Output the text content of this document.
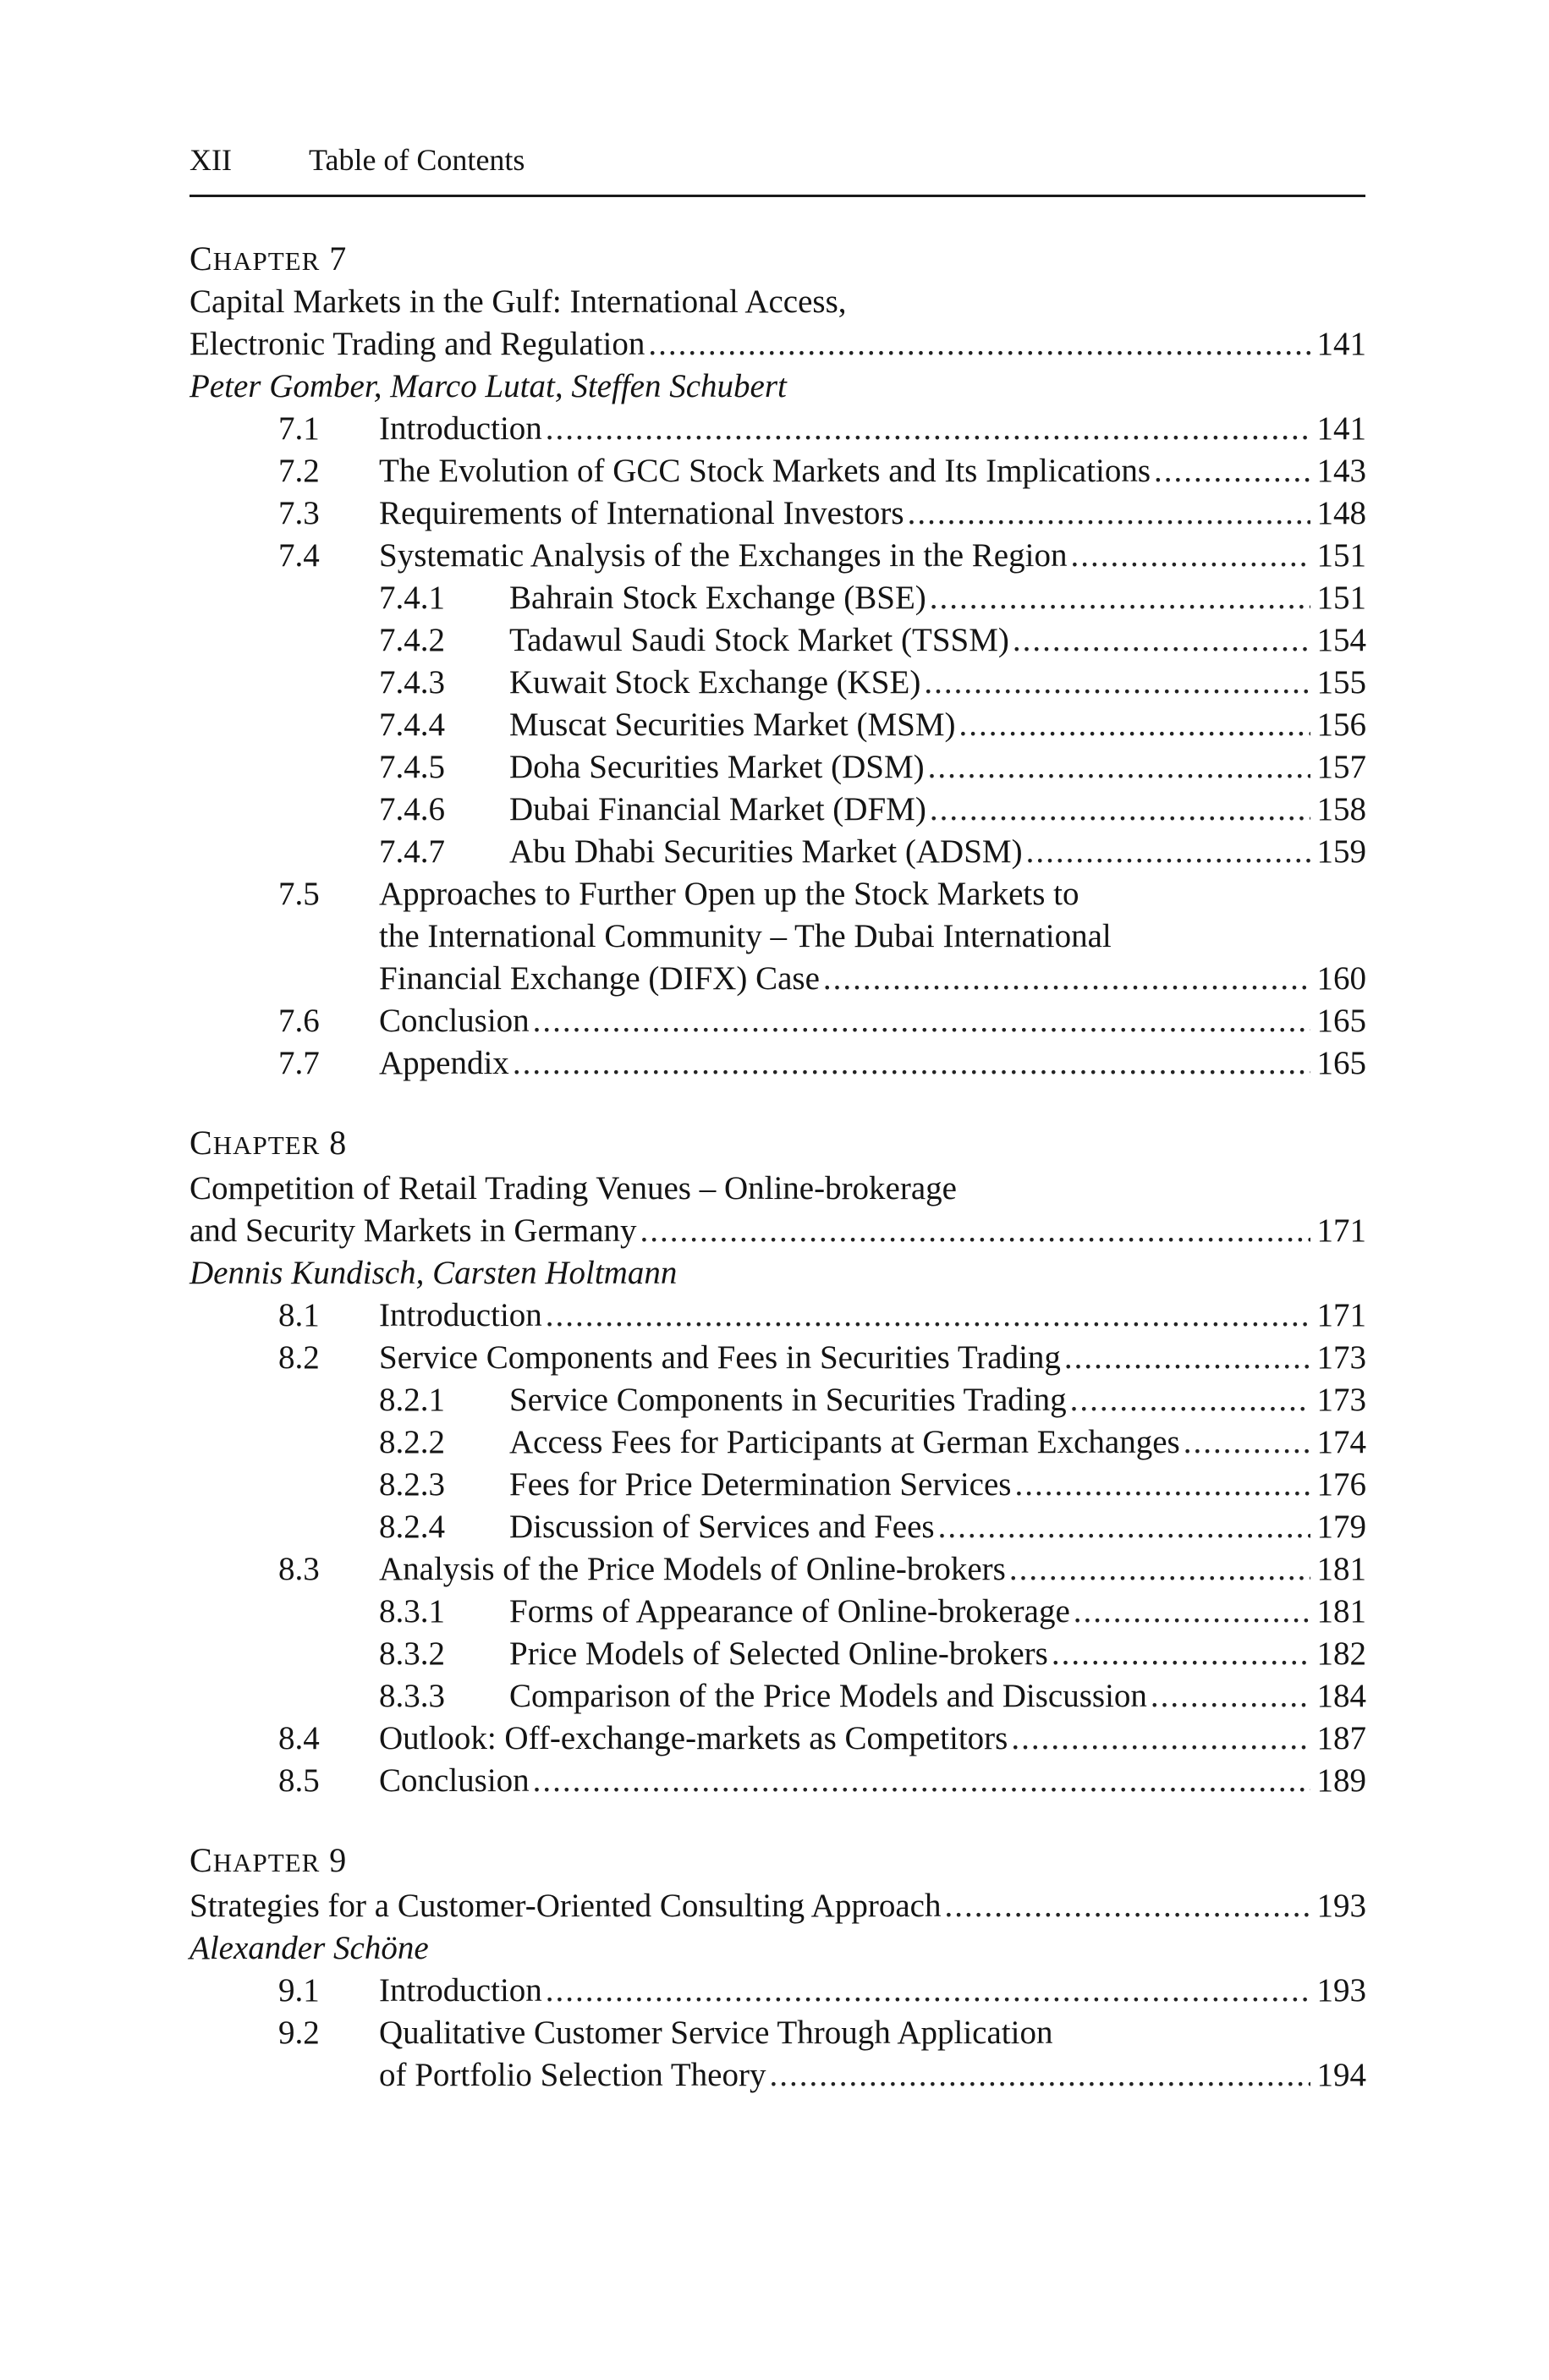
XII	Table of Contents
CHAPTER 7
Capital Markets in the Gulf: International Access,
Electronic Trading and Regulation .....	141
Peter Gomber, Marco Lutat, Steffen Schubert
7.1 Introduction .....	141
7.2 The Evolution of GCC Stock Markets and Its Implications .....	143
7.3 Requirements of International Investors .....	148
7.4 Systematic Analysis of the Exchanges in the Region .....	151
7.4.1 Bahrain Stock Exchange (BSE) .....	151
7.4.2 Tadawul Saudi Stock Market (TSSM) .....	154
7.4.3 Kuwait Stock Exchange (KSE) .....	155
7.4.4 Muscat Securities Market (MSM) .....	156
7.4.5 Doha Securities Market (DSM) .....	157
7.4.6 Dubai Financial Market (DFM) .....	158
7.4.7 Abu Dhabi Securities Market (ADSM) .....	159
7.5 Approaches to Further Open up the Stock Markets to
the International Community – The Dubai International
Financial Exchange (DIFX) Case .....	160
7.6 Conclusion .....	165
7.7 Appendix .....	165
CHAPTER 8
Competition of Retail Trading Venues – Online-brokerage
and Security Markets in Germany .....	171
Dennis Kundisch, Carsten Holtmann
8.1 Introduction .....	171
8.2 Service Components and Fees in Securities Trading .....	173
8.2.1 Service Components in Securities Trading .....	173
8.2.2 Access Fees for Participants at German Exchanges .....	174
8.2.3 Fees for Price Determination Services .....	176
8.2.4 Discussion of Services and Fees .....	179
8.3 Analysis of the Price Models of Online-brokers .....	181
8.3.1 Forms of Appearance of Online-brokerage .....	181
8.3.2 Price Models of Selected Online-brokers .....	182
8.3.3 Comparison of the Price Models and Discussion .....	184
8.4 Outlook: Off-exchange-markets as Competitors .....	187
8.5 Conclusion .....	189
CHAPTER 9
Strategies for a Customer-Oriented Consulting Approach .....	193
Alexander Schöne
9.1 Introduction .....	193
9.2 Qualitative Customer Service Through Application
of Portfolio Selection Theory .....	194
